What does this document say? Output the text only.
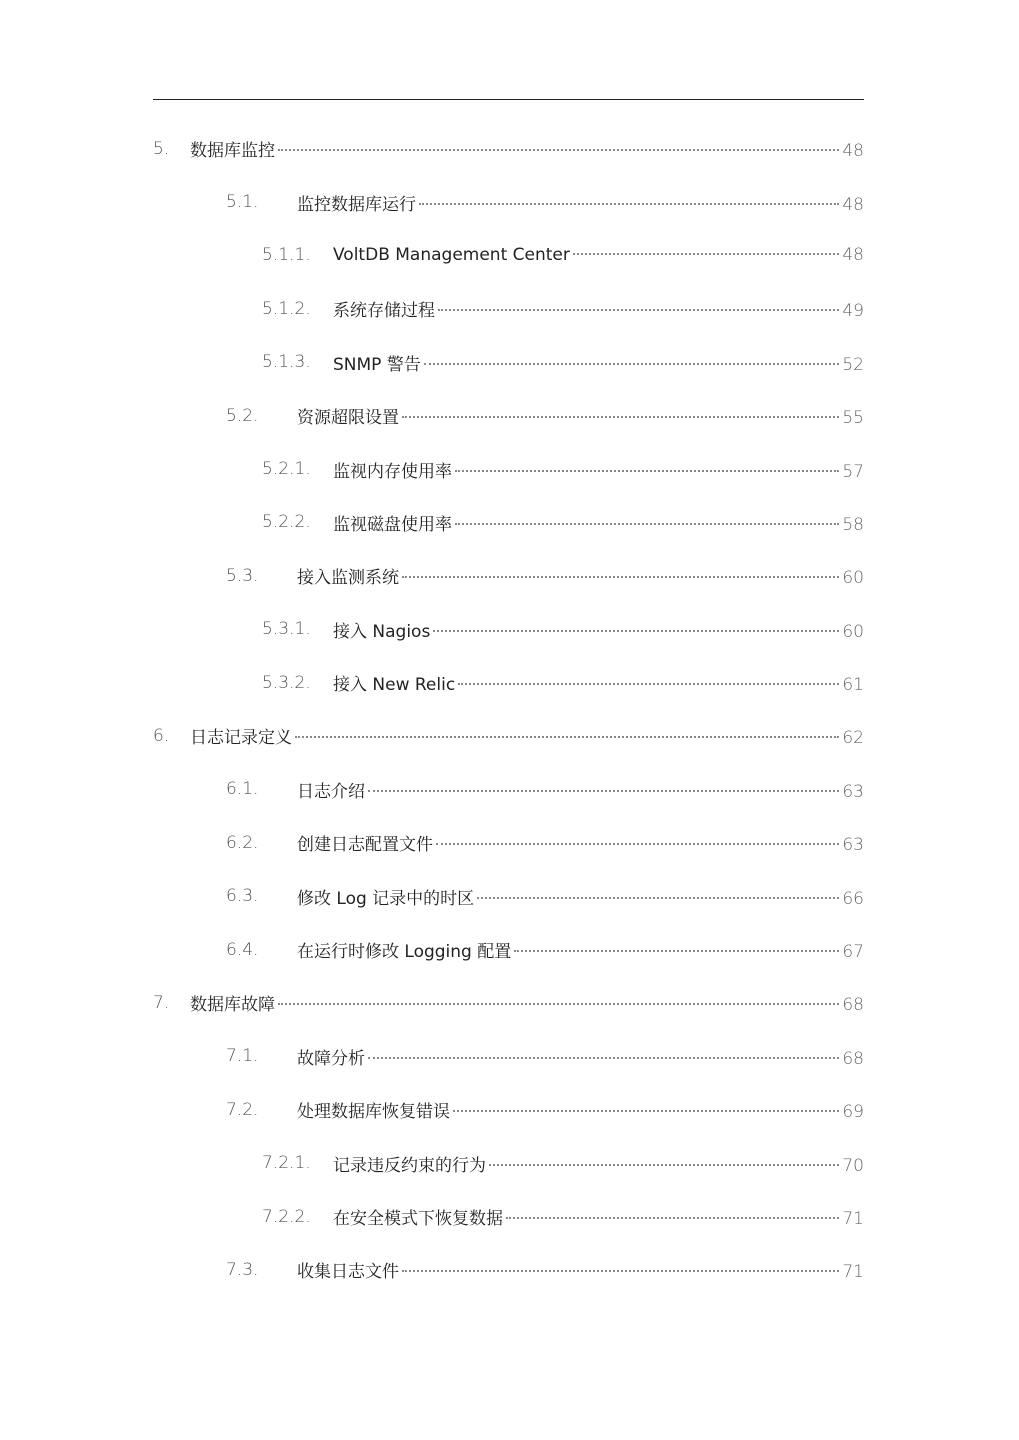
5. 数据库监控	48
5.1. 监控数据库运行	48
5.1.1. VoltDB Management Center	48
5.1.2. 系统存储过程	49
5.1.3. SNMP 警告	52
5.2. 资源超限设置	55
5.2.1. 监视内存使用率	57
5.2.2. 监视磁盘使用率	58
5.3. 接入监测系统	60
5.3.1. 接入 Nagios	60
5.3.2. 接入 New Relic	61
6. 日志记录定义	62
6.1. 日志介绍	63
6.2. 创建日志配置文件	63
6.3. 修改 Log 记录中的时区	66
6.4. 在运行时修改 Logging 配置	67
7. 数据库故障	68
7.1. 故障分析	68
7.2. 处理数据库恢复错误	69
7.2.1. 记录违反约束的行为	70
7.2.2. 在安全模式下恢复数据	71
7.3. 收集日志文件	71
